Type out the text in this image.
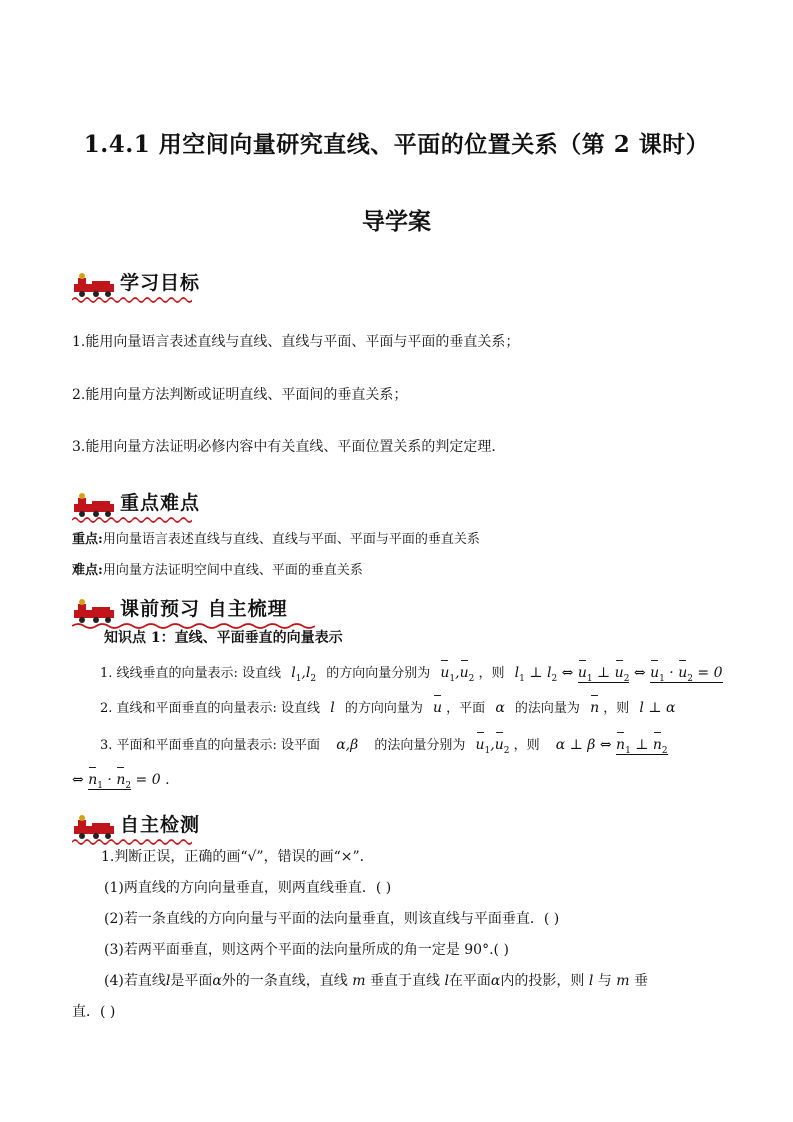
1.4.1 用空间向量研究直线、平面的位置关系（第 2 课时）
导学案
学习目标
1.能用向量语言表述直线与直线、直线与平面、平面与平面的垂直关系；
2.能用向量方法判断或证明直线、平面间的垂直关系；
3.能用向量方法证明必修内容中有关直线、平面位置关系的判定定理．
重点难点
重点:用向量语言表述直线与直线、直线与平面、平面与平面的垂直关系
难点:用向量方法证明空间中直线、平面的垂直关系
课前预习 自主梳理
知识点 1：直线、平面垂直的向量表示
1. 线线垂直的向量表示: 设直线 $l_1,l_2$ 的方向向量分别为 $u_1,u_2$ ，则 $l_1$ ⊥ $l_2$ ⇔ $u_1$ ⊥ $u_2$ ⇔ $u_1 \cdot u_2 = 0$
2. 直线和平面垂直的向量表示: 设直线 l 的方向向量为 u ，平面 α 的法向量为 n ，则 l ⊥ α
3. 平面和平面垂直的向量表示: 设平面 α,β 的法向量分别为 $u_1,u_2$ ，则 α ⊥ β ⇔ $n_1$ ⊥ $n_2$
⇔ $n_1 \cdot n_2 = 0$ .
自主检测
1.判断正误，正确的画“√”，错误的画“×”．
(1)两直线的方向向量垂直，则两直线垂直．( )
(2)若一条直线的方向向量与平面的法向量垂直，则该直线与平面垂直．( )
(3)若两平面垂直，则这两个平面的法向量所成的角一定是 90°.( )
(4)若直线l是平面α外的一条直线，直线 m 垂直于直线 l在平面α内的投影，则 l 与 m 垂
直．( )
